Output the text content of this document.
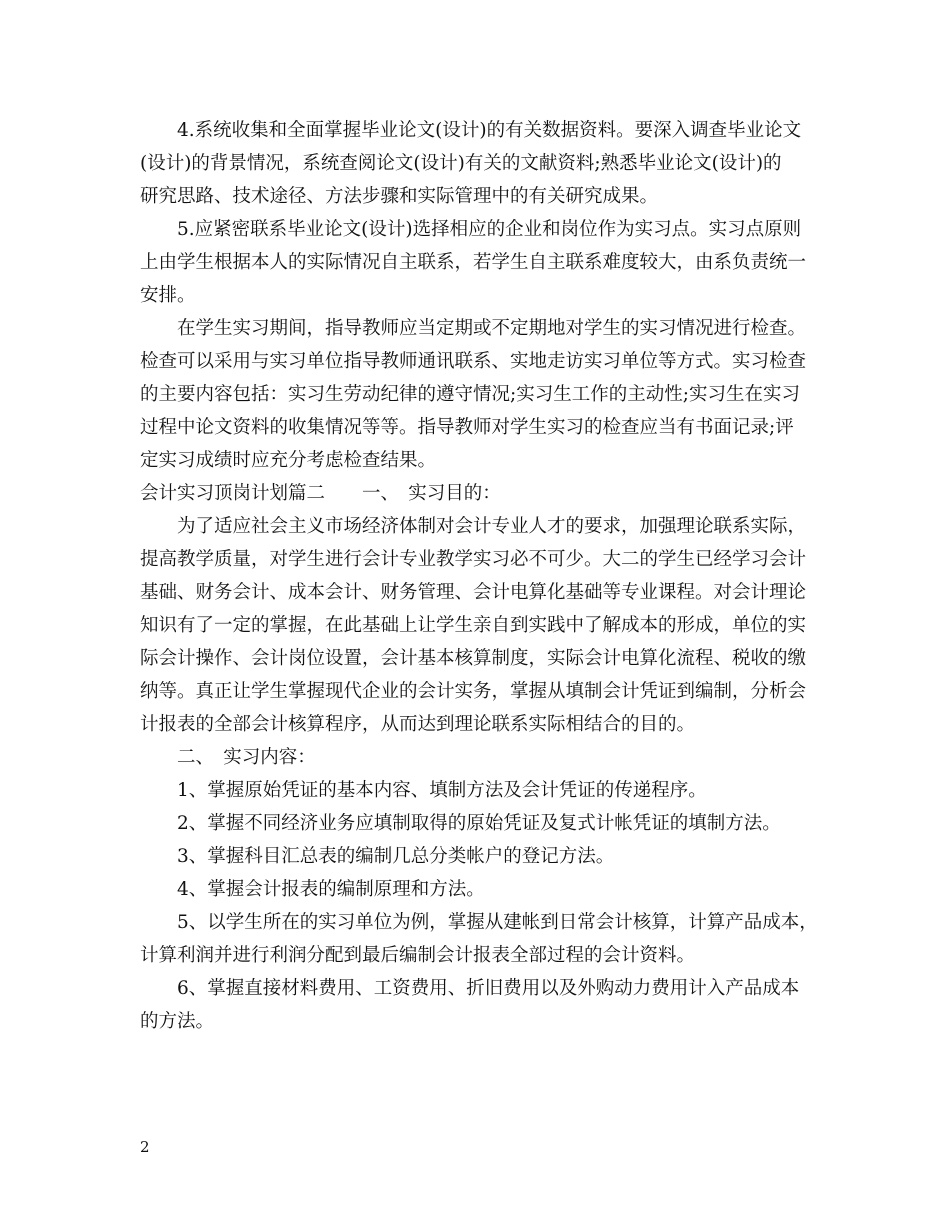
4.系统收集和全面掌握毕业论文(设计)的有关数据资料。要深入调查毕业论文
(设计)的背景情况，系统查阅论文(设计)有关的文献资料;熟悉毕业论文(设计)的
研究思路、技术途径、方法步骤和实际管理中的有关研究成果。
5.应紧密联系毕业论文(设计)选择相应的企业和岗位作为实习点。实习点原则
上由学生根据本人的实际情况自主联系，若学生自主联系难度较大，由系负责统一
安排。
在学生实习期间，指导教师应当定期或不定期地对学生的实习情况进行检查。
检查可以采用与实习单位指导教师通讯联系、实地走访实习单位等方式。实习检查
的主要内容包括：实习生劳动纪律的遵守情况;实习生工作的主动性;实习生在实习
过程中论文资料的收集情况等等。指导教师对学生实习的检查应当有书面记录;评
定实习成绩时应充分考虑检查结果。
会计实习顶岗计划篇二　　一、　实习目的：
为了适应社会主义市场经济体制对会计专业人才的要求，加强理论联系实际，
提高教学质量，对学生进行会计专业教学实习必不可少。大二的学生已经学习会计
基础、财务会计、成本会计、财务管理、会计电算化基础等专业课程。对会计理论
知识有了一定的掌握，在此基础上让学生亲自到实践中了解成本的形成，单位的实
际会计操作、会计岗位设置，会计基本核算制度，实际会计电算化流程、税收的缴
纳等。真正让学生掌握现代企业的会计实务，掌握从填制会计凭证到编制，分析会
计报表的全部会计核算程序，从而达到理论联系实际相结合的目的。
二、　实习内容：
1、掌握原始凭证的基本内容、填制方法及会计凭证的传递程序。
2、掌握不同经济业务应填制取得的原始凭证及复式计帐凭证的填制方法。
3、掌握科目汇总表的编制几总分类帐户的登记方法。
4、掌握会计报表的编制原理和方法。
5、以学生所在的实习单位为例，掌握从建帐到日常会计核算，计算产品成本，
计算利润并进行利润分配到最后编制会计报表全部过程的会计资料。
6、掌握直接材料费用、工资费用、折旧费用以及外购动力费用计入产品成本
的方法。
2
